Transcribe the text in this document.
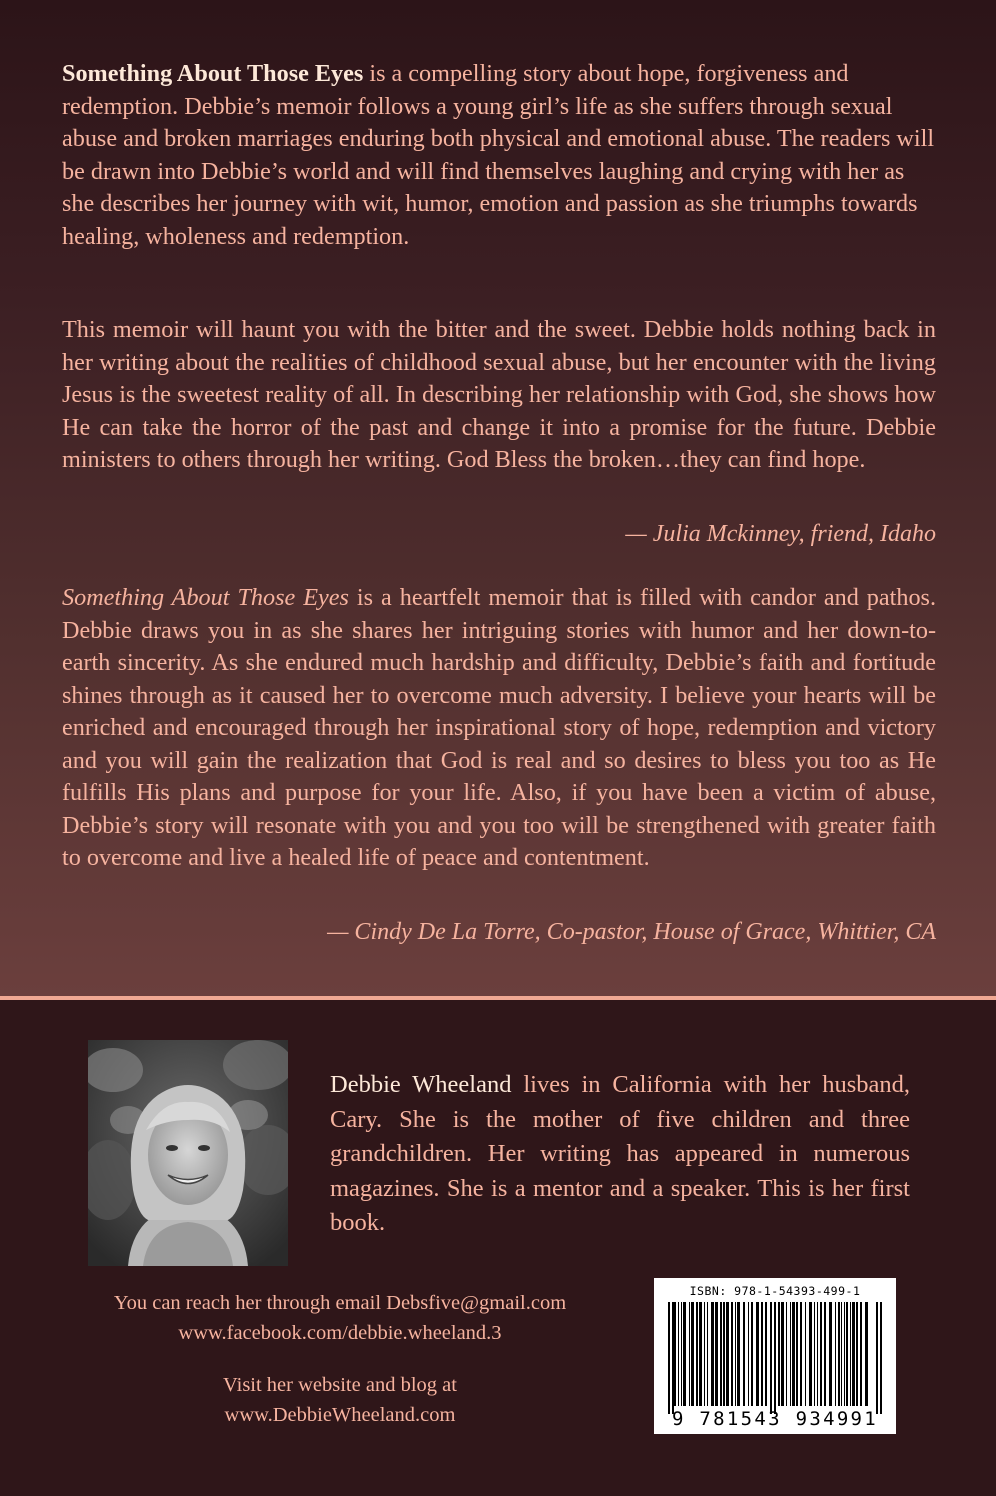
Something About Those Eyes is a compelling story about hope, forgiveness and redemption. Debbie’s memoir follows a young girl’s life as she suffers through sexual abuse and broken marriages enduring both physical and emotional abuse. The readers will be drawn into Debbie’s world and will find themselves laughing and crying with her as she describes her journey with wit, humor, emotion and passion as she triumphs towards healing, wholeness and redemption.

This memoir will haunt you with the bitter and the sweet. Debbie holds nothing back in her writing about the realities of childhood sexual abuse, but her encounter with the living Jesus is the sweetest reality of all. In describing her relationship with God, she shows how He can take the horror of the past and change it into a promise for the future. Debbie ministers to others through her writing. God Bless the broken…they can find hope.

— Julia Mckinney, friend, Idaho

Something About Those Eyes is a heartfelt memoir that is filled with candor and pathos. Debbie draws you in as she shares her intriguing stories with humor and her down-to-earth sincerity. As she endured much hardship and difficulty, Debbie’s faith and fortitude shines through as it caused her to overcome much adversity. I believe your hearts will be enriched and encouraged through her inspirational story of hope, redemption and victory and you will gain the realization that God is real and so desires to bless you too as He fulfills His plans and purpose for your life. Also, if you have been a victim of abuse, Debbie’s story will resonate with you and you too will be strengthened with greater faith to overcome and live a healed life of peace and contentment.

— Cindy De La Torre, Co-pastor, House of Grace, Whittier, CA

Debbie Wheeland lives in California with her husband, Cary. She is the mother of five children and three grandchildren. Her writing has appeared in numerous magazines. She is a mentor and a speaker. This is her first book.

You can reach her through email Debsfive@gmail.com
www.facebook.com/debbie.wheeland.3
Visit her website and blog at
www.DebbieWheeland.com
ISBN: 978-1-54393-499-1
9 781543 934991
